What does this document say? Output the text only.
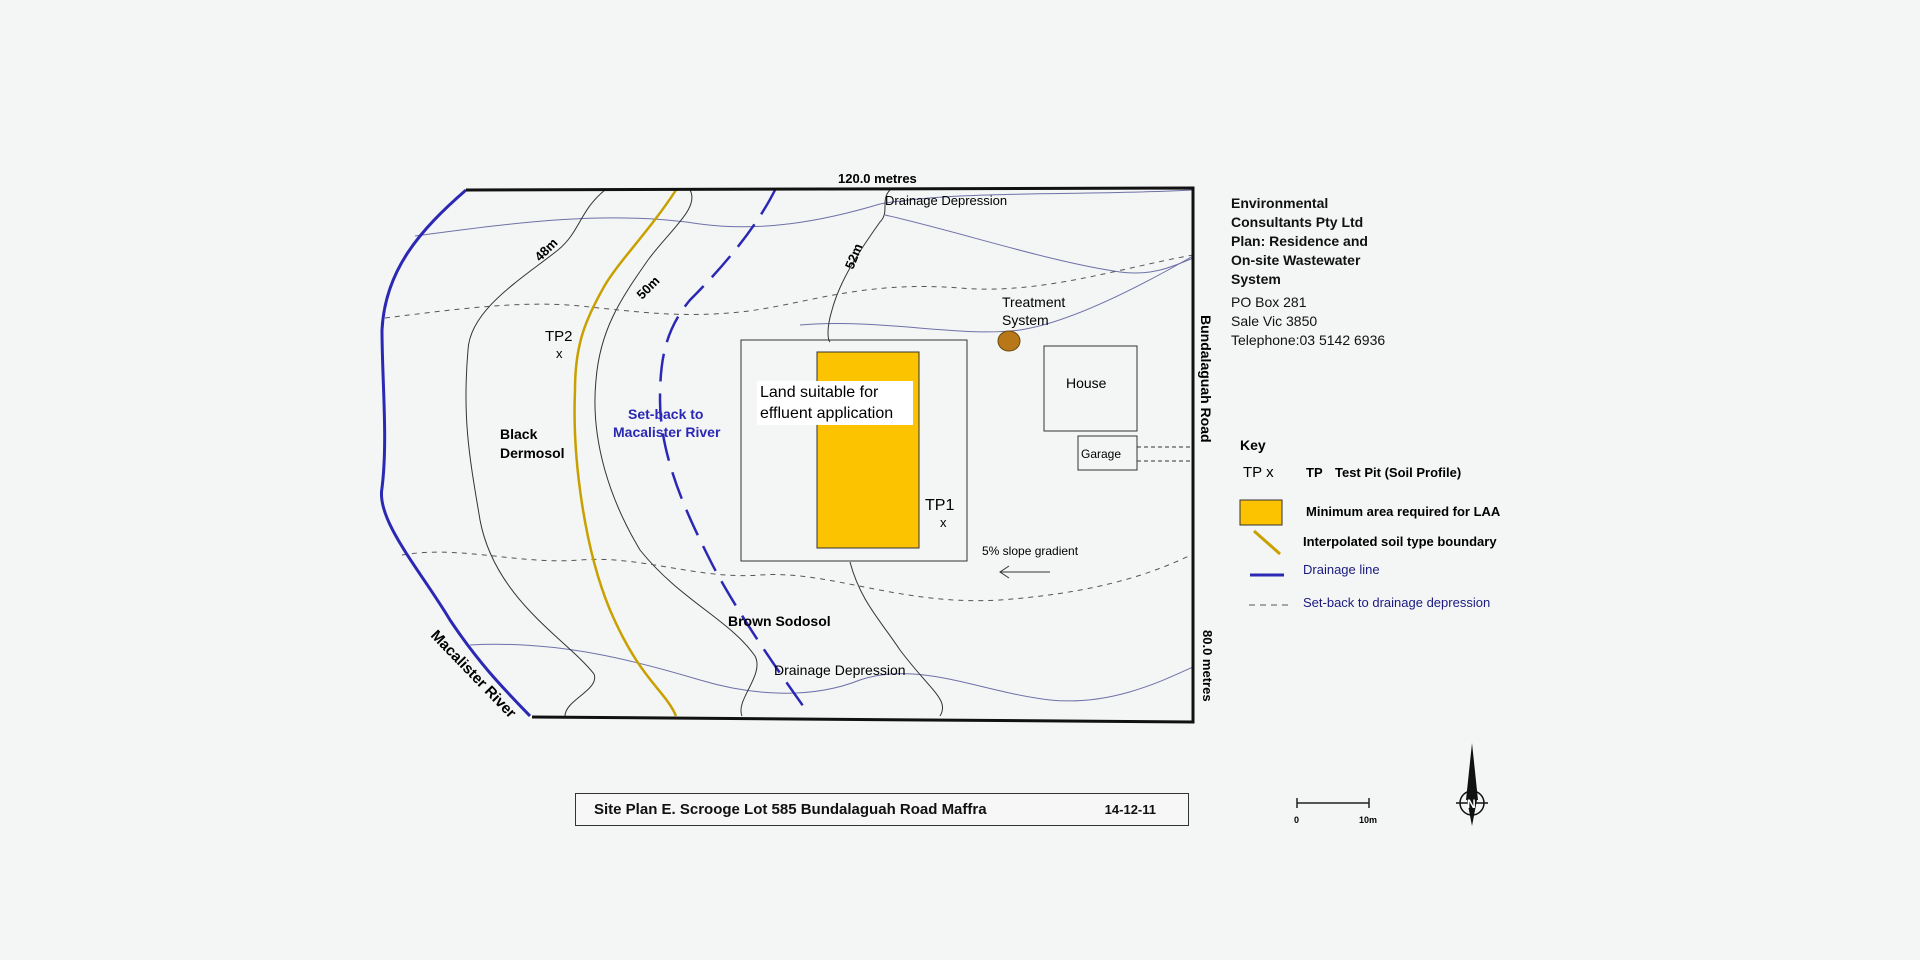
120.0 metres
Bundalaguah Road
80.0 metres
Macalister River
48m
50m
52m
Drainage Depression
Drainage Depression
Black
Dermosol
Brown Sodosol
Set-back to
Macalister River
TP2
x
TP1
x
Land suitable for
effluent application
Treatment
System
House
Garage
5% slope gradient
0	10m
N
Key
TP x TP Test Pit (Soil Profile)
Minimum area required for LAA
Interpolated soil type boundary
Drainage line
Set-back to drainage depression
Environmental
Consultants Pty Ltd
Plan: Residence and
On-site Wastewater
System
PO Box 281
Sale Vic 3850
Telephone:03 5142 6936
Site Plan E. Scrooge Lot 585 Bundalaguah Road Maffra	14-12-11
